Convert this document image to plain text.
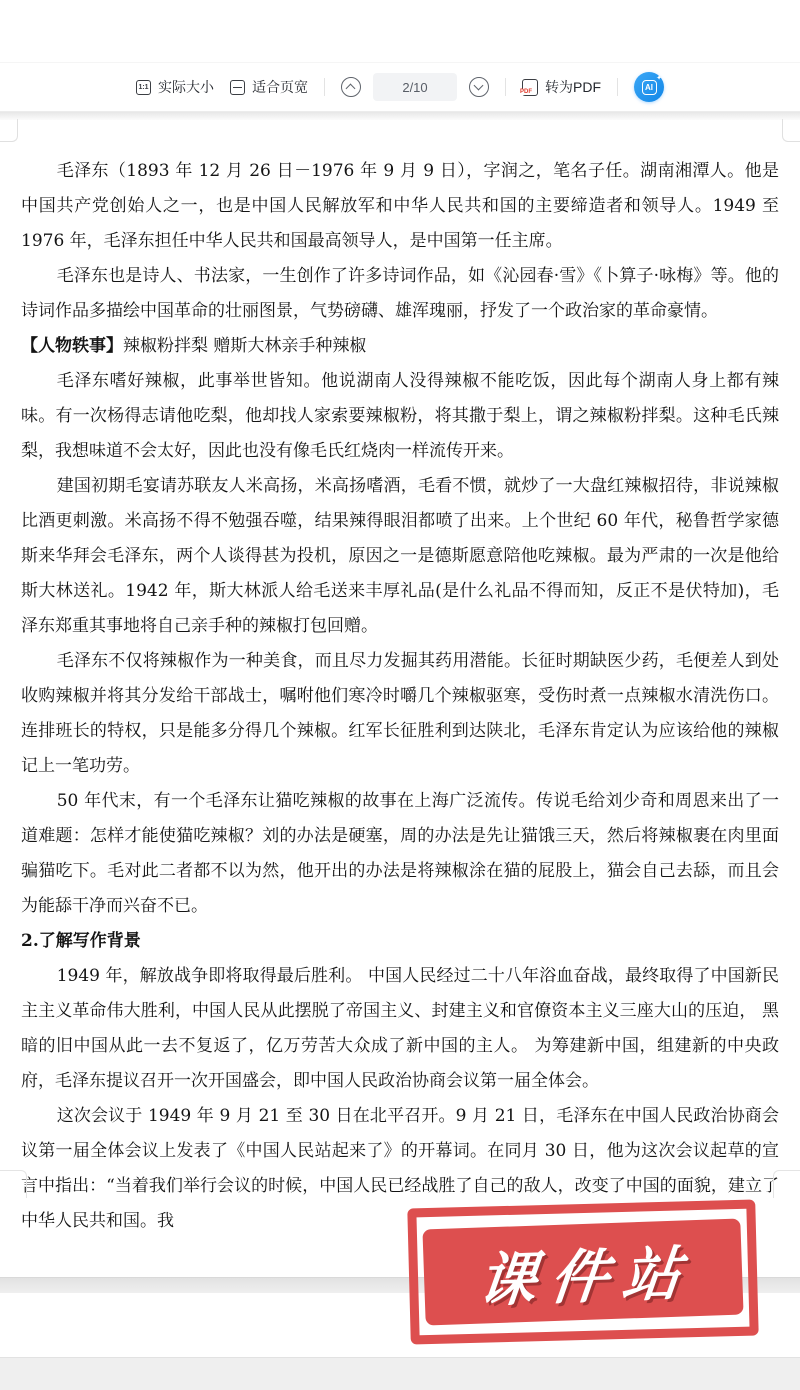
1:1 实际大小	适合页宽	2/10	PDF 转为PDF	AI
✦

毛泽东（1893 年 12 月 26 日－1976 年 9 月 9 日），字润之，笔名子任。湖南湘潭人。他是中国共产党创始人之一，也是中国人民解放军和中华人民共和国的主要缔造者和领导人。1949 至 1976 年，毛泽东担任中华人民共和国最高领导人，是中国第一任主席。

毛泽东也是诗人、书法家，一生创作了许多诗词作品，如《沁园春·雪》《卜算子·咏梅》等。他的诗词作品多描绘中国革命的壮丽图景，气势磅礴、雄浑瑰丽，抒发了一个政治家的革命豪情。

【人物轶事】辣椒粉拌梨 赠斯大林亲手种辣椒

毛泽东嗜好辣椒，此事举世皆知。他说湖南人没得辣椒不能吃饭，因此每个湖南人身上都有辣味。有一次杨得志请他吃梨，他却找人家索要辣椒粉，将其撒于梨上，谓之辣椒粉拌梨。这种毛氏辣梨，我想味道不会太好，因此也没有像毛氏红烧肉一样流传开来。

建国初期毛宴请苏联友人米高扬，米高扬嗜酒，毛看不惯，就炒了一大盘红辣椒招待，非说辣椒比酒更刺激。米高扬不得不勉强吞噬，结果辣得眼泪都喷了出来。上个世纪 60 年代，秘鲁哲学家德斯来华拜会毛泽东，两个人谈得甚为投机，原因之一是德斯愿意陪他吃辣椒。最为严肃的一次是他给斯大林送礼。1942 年，斯大林派人给毛送来丰厚礼品(是什么礼品不得而知，反正不是伏特加)，毛泽东郑重其事地将自己亲手种的辣椒打包回赠。

毛泽东不仅将辣椒作为一种美食，而且尽力发掘其药用潜能。长征时期缺医少药，毛便差人到处收购辣椒并将其分发给干部战士，嘱咐他们寒冷时嚼几个辣椒驱寒，受伤时煮一点辣椒水清洗伤口。连排班长的特权，只是能多分得几个辣椒。红军长征胜利到达陕北，毛泽东肯定认为应该给他的辣椒记上一笔功劳。

50 年代末，有一个毛泽东让猫吃辣椒的故事在上海广泛流传。传说毛给刘少奇和周恩来出了一道难题：怎样才能使猫吃辣椒？刘的办法是硬塞，周的办法是先让猫饿三天，然后将辣椒裹在肉里面骗猫吃下。毛对此二者都不以为然，他开出的办法是将辣椒涂在猫的屁股上，猫会自己去舔，而且会为能舔干净而兴奋不已。

2.了解写作背景

1949 年，解放战争即将取得最后胜利。 中国人民经过二十八年浴血奋战，最终取得了中国新民主主义革命伟大胜利，中国人民从此摆脱了帝国主义、封建主义和官僚资本主义三座大山的压迫， 黑暗的旧中国从此一去不复返了，亿万劳苦大众成了新中国的主人。 为筹建新中国，组建新的中央政府，毛泽东提议召开一次开国盛会，即中国人民政治协商会议第一届全体会。

这次会议于 1949 年 9 月 21 至 30 日在北平召开。9 月 21 日，毛泽东在中国人民政治协商会议第一届全体会议上发表了《中国人民站起来了》的开幕词。在同月 30 日，他为这次会议起草的宣言中指出：“当着我们举行会议的时候，中国人民已经战胜了自己的敌人，改变了中国的面貌，建立了中华人民共和国。我

课件站
